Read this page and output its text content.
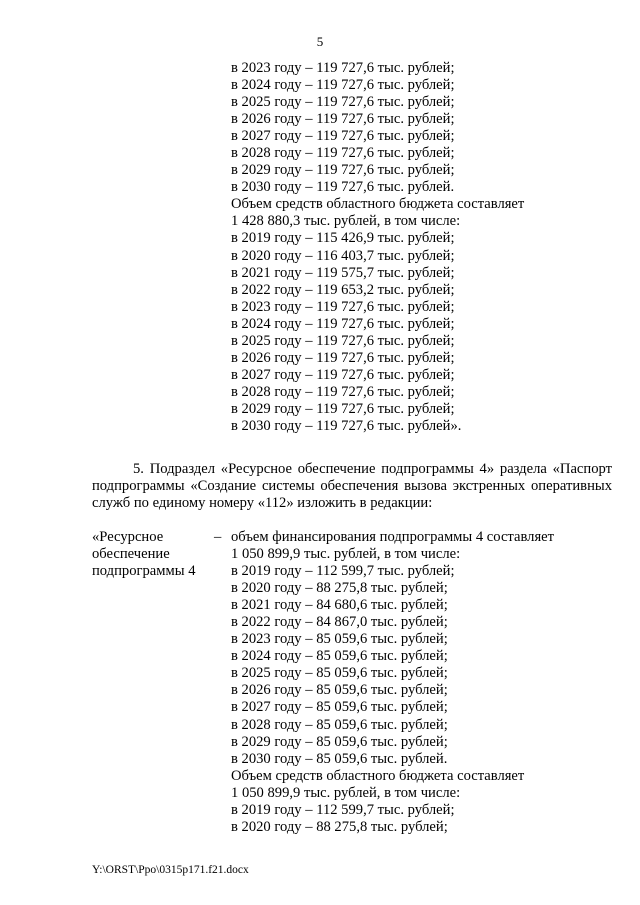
5
в 2023 году – 119 727,6 тыс. рублей;
в 2024 году – 119 727,6 тыс. рублей;
в 2025 году – 119 727,6 тыс. рублей;
в 2026 году – 119 727,6 тыс. рублей;
в 2027 году – 119 727,6 тыс. рублей;
в 2028 году – 119 727,6 тыс. рублей;
в 2029 году – 119 727,6 тыс. рублей;
в 2030 году – 119 727,6 тыс. рублей.
Объем средств областного бюджета составляет
1 428 880,3 тыс. рублей, в том числе:
в 2019 году – 115 426,9 тыс. рублей;
в 2020 году – 116 403,7 тыс. рублей;
в 2021 году – 119 575,7 тыс. рублей;
в 2022 году – 119 653,2 тыс. рублей;
в 2023 году – 119 727,6 тыс. рублей;
в 2024 году – 119 727,6 тыс. рублей;
в 2025 году – 119 727,6 тыс. рублей;
в 2026 году – 119 727,6 тыс. рублей;
в 2027 году – 119 727,6 тыс. рублей;
в 2028 году – 119 727,6 тыс. рублей;
в 2029 году – 119 727,6 тыс. рублей;
в 2030 году – 119 727,6 тыс. рублей».
5. Подраздел «Ресурсное обеспечение подпрограммы 4» раздела «Паспорт подпрограммы «Создание системы обеспечения вызова экстренных оперативных служб по единому номеру «112» изложить в редакции:
«Ресурсное
обеспечение
подпрограммы 4
– объем финансирования подпрограммы 4 составляет
1 050 899,9 тыс. рублей, в том числе:
в 2019 году – 112 599,7 тыс. рублей;
в 2020 году – 88 275,8 тыс. рублей;
в 2021 году – 84 680,6 тыс. рублей;
в 2022 году – 84 867,0 тыс. рублей;
в 2023 году – 85 059,6 тыс. рублей;
в 2024 году – 85 059,6 тыс. рублей;
в 2025 году – 85 059,6 тыс. рублей;
в 2026 году – 85 059,6 тыс. рублей;
в 2027 году – 85 059,6 тыс. рублей;
в 2028 году – 85 059,6 тыс. рублей;
в 2029 году – 85 059,6 тыс. рублей;
в 2030 году – 85 059,6 тыс. рублей.
Объем средств областного бюджета составляет
1 050 899,9 тыс. рублей, в том числе:
в 2019 году – 112 599,7 тыс. рублей;
в 2020 году – 88 275,8 тыс. рублей;
Y:\ORST\Ppo\0315p171.f21.docx
